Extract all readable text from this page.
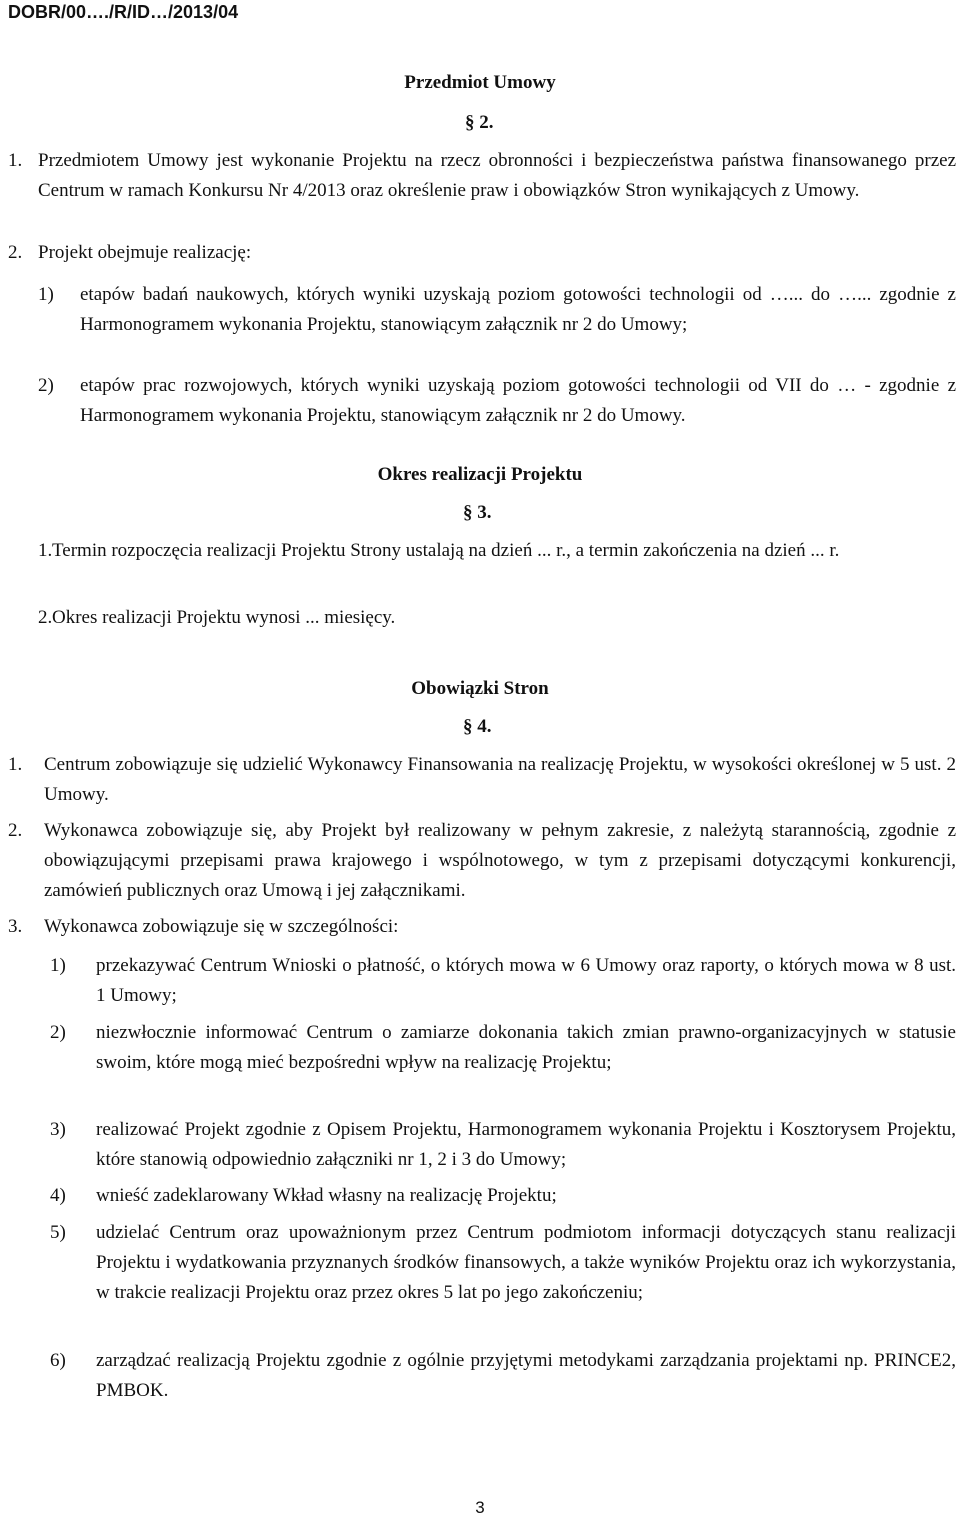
DOBR/00…./R/ID…/2013/04
Przedmiot Umowy
§ 2.
1. Przedmiotem Umowy jest wykonanie Projektu na rzecz obronności i bezpieczeństwa państwa finansowanego przez Centrum w ramach Konkursu Nr 4/2013 oraz określenie praw i obowiązków Stron wynikających z Umowy.
2. Projekt obejmuje realizację:
1) etapów badań naukowych, których wyniki uzyskają poziom gotowości technologii od …... do …... zgodnie z Harmonogramem wykonania Projektu, stanowiącym załącznik nr 2 do Umowy;
2) etapów prac rozwojowych, których wyniki uzyskają poziom gotowości technologii od VII do … - zgodnie z Harmonogramem wykonania Projektu, stanowiącym załącznik nr 2 do Umowy.
Okres realizacji Projektu
§ 3.
1. Termin rozpoczęcia realizacji Projektu Strony ustalają na dzień ... r., a termin zakończenia na dzień ... r.
2. Okres realizacji Projektu wynosi ... miesięcy.
Obowiązki Stron
§ 4.
1. Centrum zobowiązuje się udzielić Wykonawcy Finansowania na realizację Projektu, w wysokości określonej w 5 ust. 2 Umowy.
2. Wykonawca zobowiązuje się, aby Projekt był realizowany w pełnym zakresie, z należytą starannością, zgodnie z obowiązującymi przepisami prawa krajowego i wspólnotowego, w tym z przepisami dotyczącymi konkurencji, zamówień publicznych oraz Umową i jej załącznikami.
3. Wykonawca zobowiązuje się w szczególności:
1) przekazywać Centrum Wnioski o płatność, o których mowa w 6 Umowy oraz raporty, o których mowa w 8 ust. 1 Umowy;
2) niezwłocznie informować Centrum o zamiarze dokonania takich zmian prawno-organizacyjnych w statusie swoim, które mogą mieć bezpośredni wpływ na realizację Projektu;
3) realizować Projekt zgodnie z Opisem Projektu, Harmonogramem wykonania Projektu i Kosztorysem Projektu, które stanowią odpowiednio załączniki nr 1, 2 i 3 do Umowy;
4) wnieść zadeklarowany Wkład własny na realizację Projektu;
5) udzielać Centrum oraz upoważnionym przez Centrum podmiotom informacji dotyczących stanu realizacji Projektu i wydatkowania przyznanych środków finansowych, a także wyników Projektu oraz ich wykorzystania, w trakcie realizacji Projektu oraz przez okres 5 lat po jego zakończeniu;
6) zarządzać realizacją Projektu zgodnie z ogólnie przyjętymi metodykami zarządzania projektami np. PRINCE2, PMBOK.
3
